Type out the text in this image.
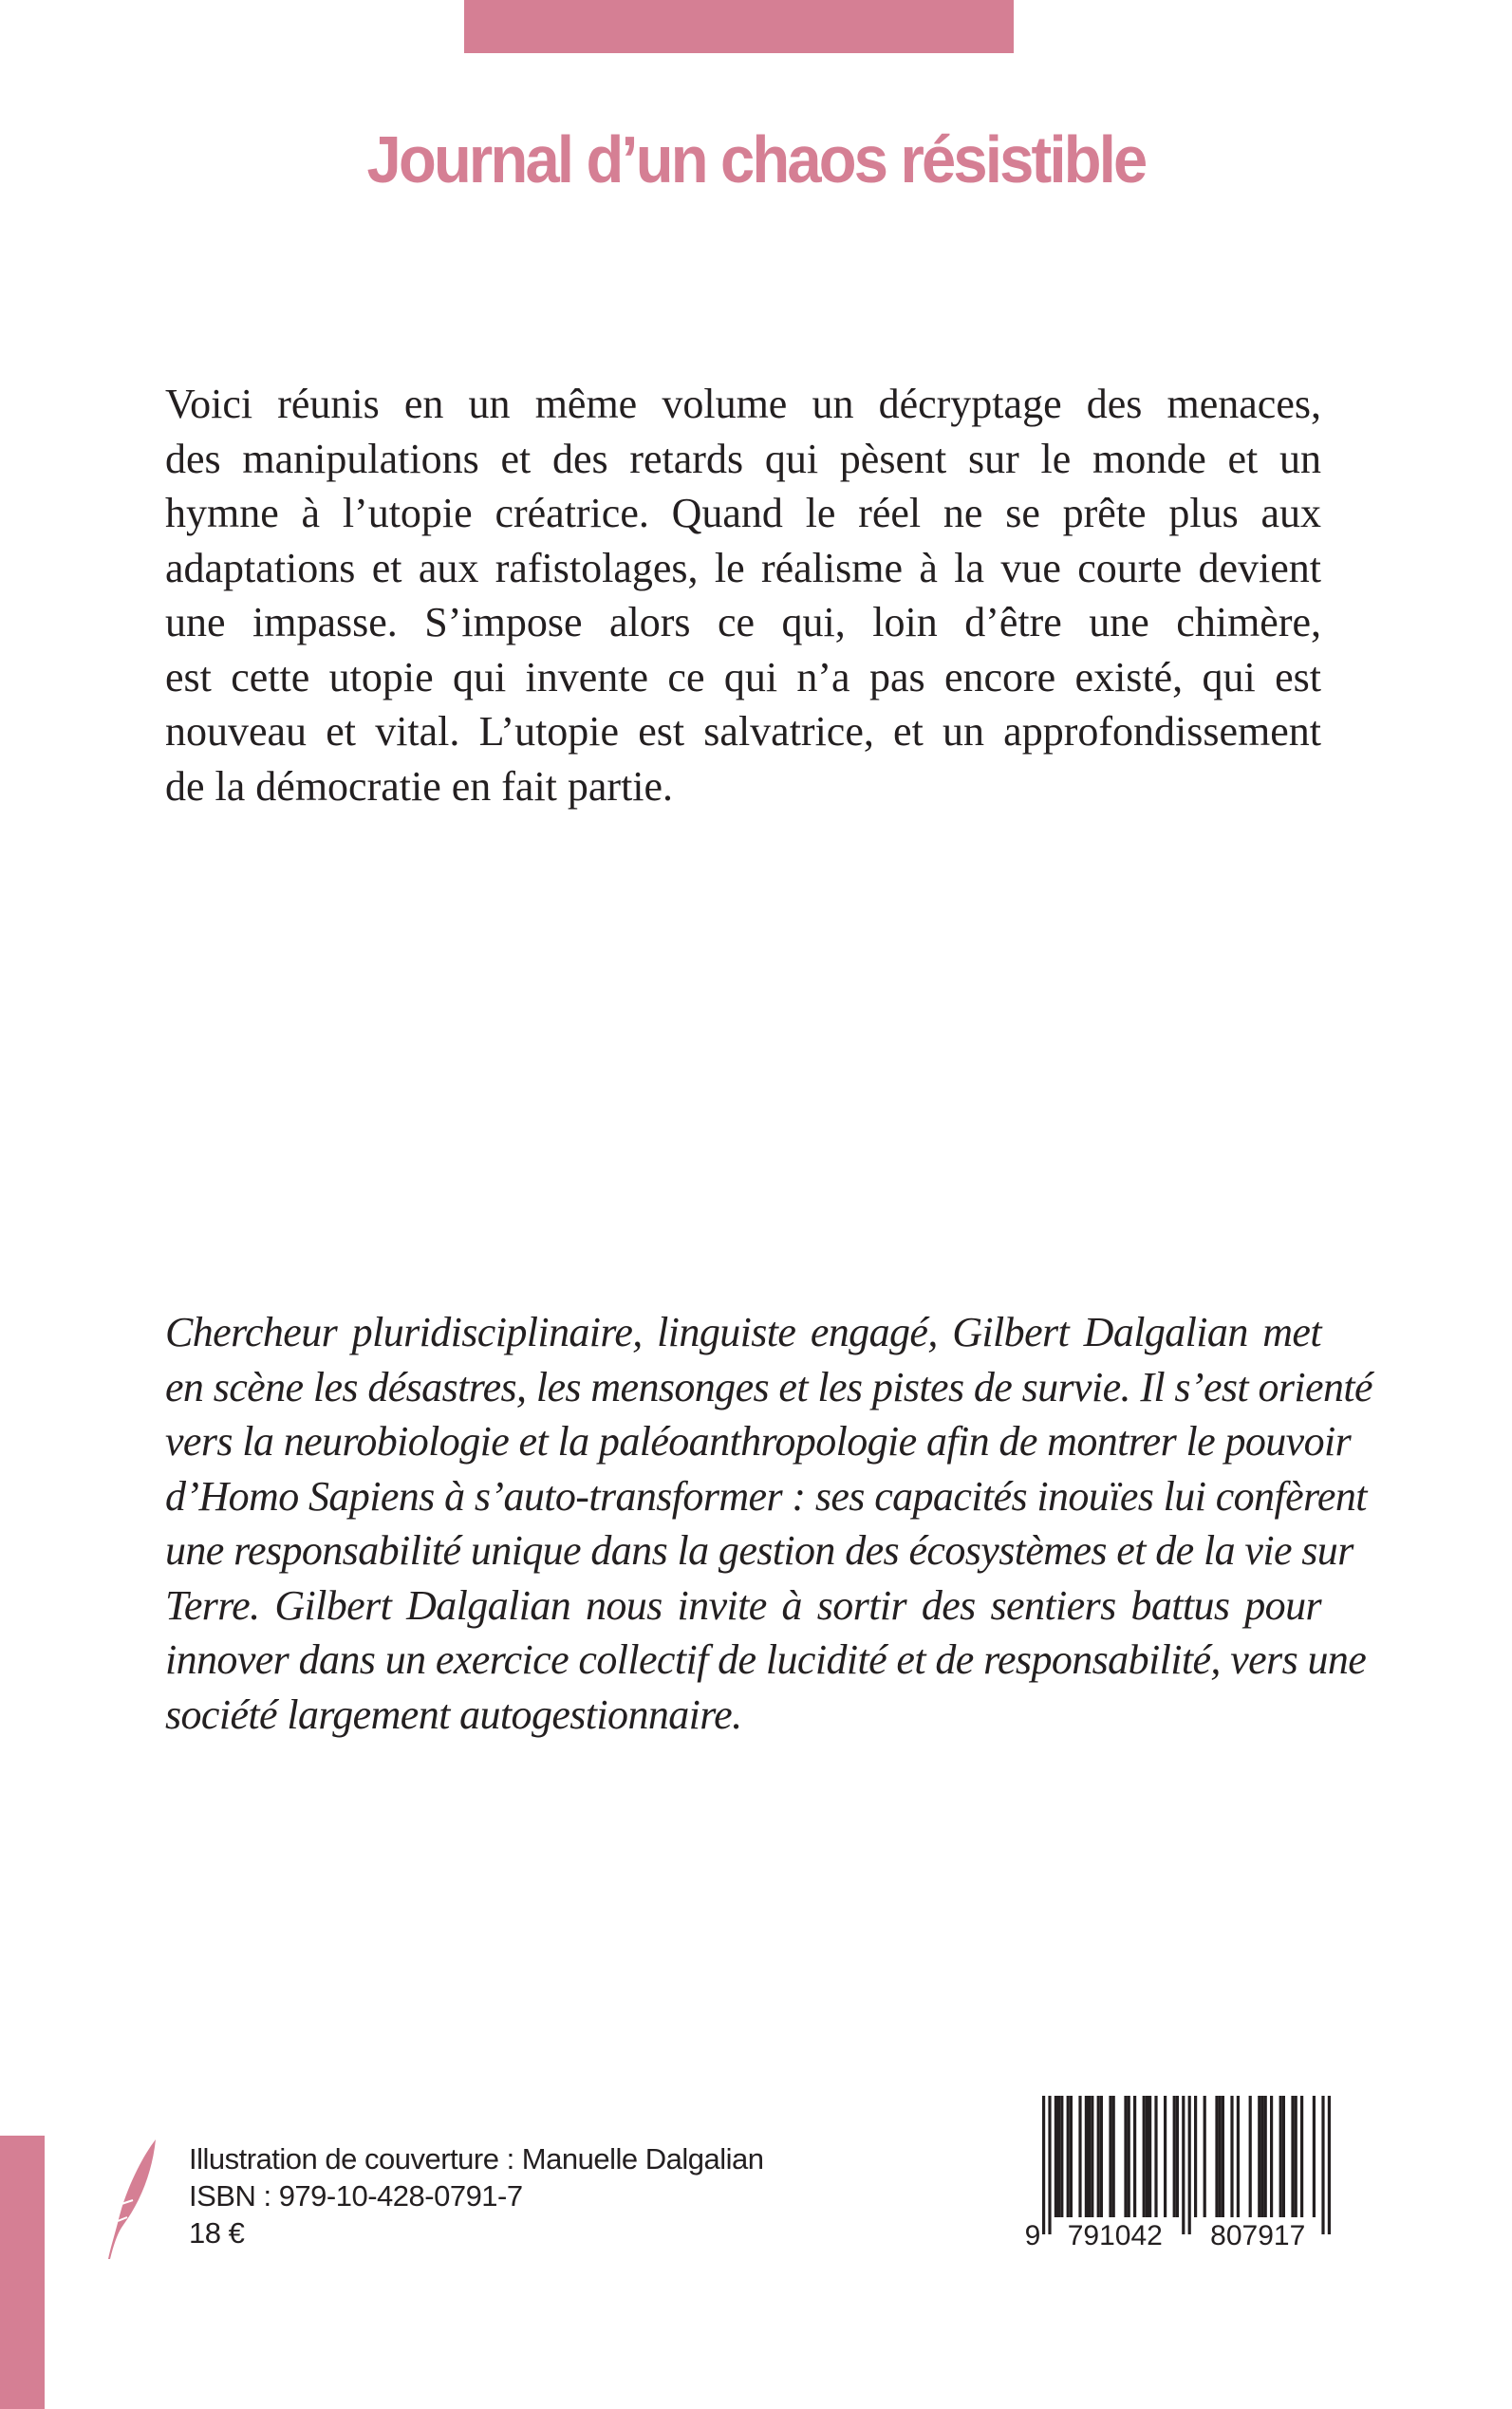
Journal d’un chaos résistible
Voici réunis en un même volume un décryptage des menaces,
des manipulations et des retards qui pèsent sur le monde et un
hymne à l’utopie créatrice. Quand le réel ne se prête plus aux
adaptations et aux rafistolages, le réalisme à la vue courte devient
une impasse. S’impose alors ce qui, loin d’être une chimère,
est cette utopie qui invente ce qui n’a pas encore existé, qui est
nouveau et vital. L’utopie est salvatrice, et un approfondissement
de la démocratie en fait partie.
Chercheur pluridisciplinaire, linguiste engagé, Gilbert Dalgalian met
en scène les désastres, les mensonges et les pistes de survie. Il s’est orienté
vers la neurobiologie et la paléoanthropologie afin de montrer le pouvoir
d’Homo Sapiens à s’auto-transformer : ses capacités inouïes lui confèrent
une responsabilité unique dans la gestion des écosystèmes et de la vie sur
Terre. Gilbert Dalgalian nous invite à sortir des sentiers battus pour
innover dans un exercice collectif de lucidité et de responsabilité, vers une
société largement autogestionnaire.
Illustration de couverture : Manuelle Dalgalian
ISBN : 979-10-428-0791-7
18 €	9 791042 807917
